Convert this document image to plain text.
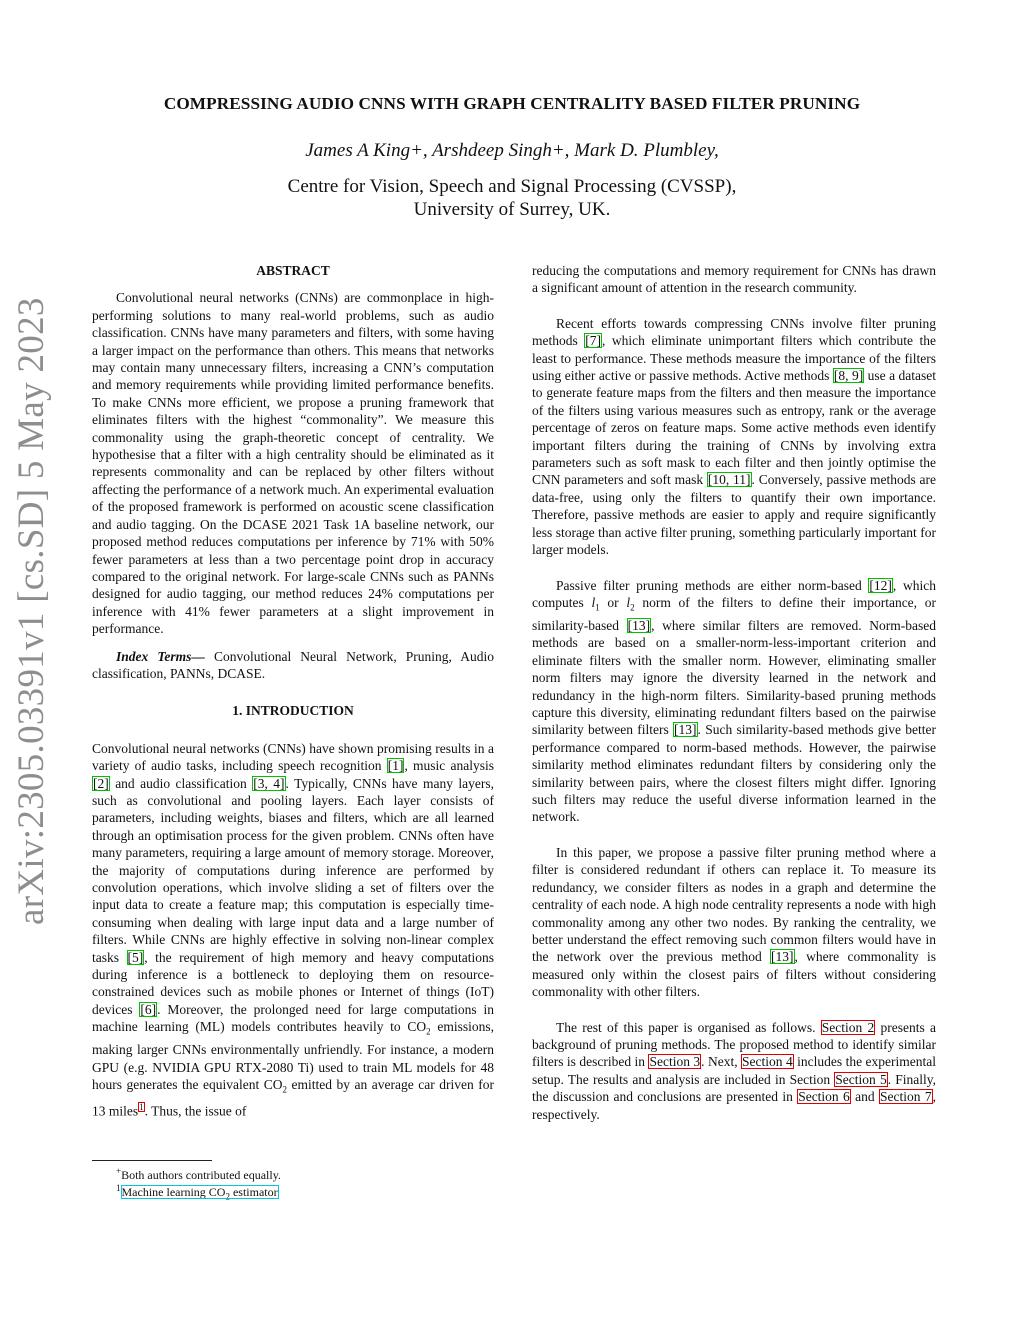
arXiv:2305.03391v1 [cs.SD] 5 May 2023
COMPRESSING AUDIO CNNS WITH GRAPH CENTRALITY BASED FILTER PRUNING
James A King+, Arshdeep Singh+, Mark D. Plumbley,
Centre for Vision, Speech and Signal Processing (CVSSP),
University of Surrey, UK.
ABSTRACT

Convolutional neural networks (CNNs) are commonplace in high-performing solutions to many real-world problems, such as audio classification. CNNs have many parameters and filters, with some having a larger impact on the performance than others. This means that networks may contain many unnecessary filters, increasing a CNN’s computation and memory requirements while providing limited performance benefits. To make CNNs more efficient, we propose a pruning framework that eliminates filters with the highest “commonality”. We measure this commonality using the graph-theoretic concept of centrality. We hypothesise that a filter with a high centrality should be eliminated as it represents commonality and can be replaced by other filters without affecting the performance of a network much. An experimental evaluation of the proposed framework is performed on acoustic scene classification and audio tagging. On the DCASE 2021 Task 1A baseline network, our proposed method reduces computations per inference by 71% with 50% fewer parameters at less than a two percentage point drop in accuracy compared to the original network. For large-scale CNNs such as PANNs designed for audio tagging, our method reduces 24% computations per inference with 41% fewer parameters at a slight improvement in performance.

Index Terms— Convolutional Neural Network, Pruning, Audio classification, PANNs, DCASE.

1. INTRODUCTION

Convolutional neural networks (CNNs) have shown promising results in a variety of audio tasks, including speech recognition [1], music analysis [2] and audio classification [3, 4]. Typically, CNNs have many layers, such as convolutional and pooling layers. Each layer consists of parameters, including weights, biases and filters, which are all learned through an optimisation process for the given problem. CNNs often have many parameters, requiring a large amount of memory storage. Moreover, the majority of computations during inference are performed by convolution operations, which involve sliding a set of filters over the input data to create a feature map; this computation is especially time-consuming when dealing with large input data and a large number of filters. While CNNs are highly effective in solving non-linear complex tasks [5], the requirement of high memory and heavy computations during inference is a bottleneck to deploying them on resource-constrained devices such as mobile phones or Internet of things (IoT) devices [6]. Moreover, the prolonged need for large computations in machine learning (ML) models contributes heavily to $CO_2$ emissions, making larger CNNs environmentally unfriendly. For instance, a modern GPU (e.g. NVIDIA GPU RTX-2080 Ti) used to train ML models for 48 hours generates the equivalent $CO_2$ emitted by an average car driven for 13 miles$^1$. Thus, the issue of

reducing the computations and memory requirement for CNNs has drawn a significant amount of attention in the research community.

Recent efforts towards compressing CNNs involve filter pruning methods [7], which eliminate unimportant filters which contribute the least to performance. These methods measure the importance of the filters using either active or passive methods. Active methods [8, 9] use a dataset to generate feature maps from the filters and then measure the importance of the filters using various measures such as entropy, rank or the average percentage of zeros on feature maps. Some active methods even identify important filters during the training of CNNs by involving extra parameters such as soft mask to each filter and then jointly optimise the CNN parameters and soft mask [10, 11]. Conversely, passive methods are data-free, using only the filters to quantify their own importance. Therefore, passive methods are easier to apply and require significantly less storage than active filter pruning, something particularly important for larger models.

Passive filter pruning methods are either norm-based [12], which computes $l_1$ or $l_2$ norm of the filters to define their importance, or similarity-based [13], where similar filters are removed. Norm-based methods are based on a smaller-norm-less-important criterion and eliminate filters with the smaller norm. However, eliminating smaller norm filters may ignore the diversity learned in the network and redundancy in the high-norm filters. Similarity-based pruning methods capture this diversity, eliminating redundant filters based on the pairwise similarity between filters [13]. Such similarity-based methods give better performance compared to norm-based methods. However, the pairwise similarity method eliminates redundant filters by considering only the similarity between pairs, where the closest filters might differ. Ignoring such filters may reduce the useful diverse information learned in the network.

In this paper, we propose a passive filter pruning method where a filter is considered redundant if others can replace it. To measure its redundancy, we consider filters as nodes in a graph and determine the centrality of each node. A high node centrality represents a node with high commonality among any other two nodes. By ranking the centrality, we better understand the effect removing such common filters would have in the network over the previous method [13], where commonality is measured only within the closest pairs of filters without considering commonality with other filters.

The rest of this paper is organised as follows. Section 2 presents a background of pruning methods. The proposed method to identify similar filters is described in Section 3. Next, Section 4 includes the experimental setup. The results and analysis are included in Section Section 5. Finally, the discussion and conclusions are presented in Section 6 and Section 7, respectively.

+Both authors contributed equally.
$^1$Machine learning $CO_2$ estimator
